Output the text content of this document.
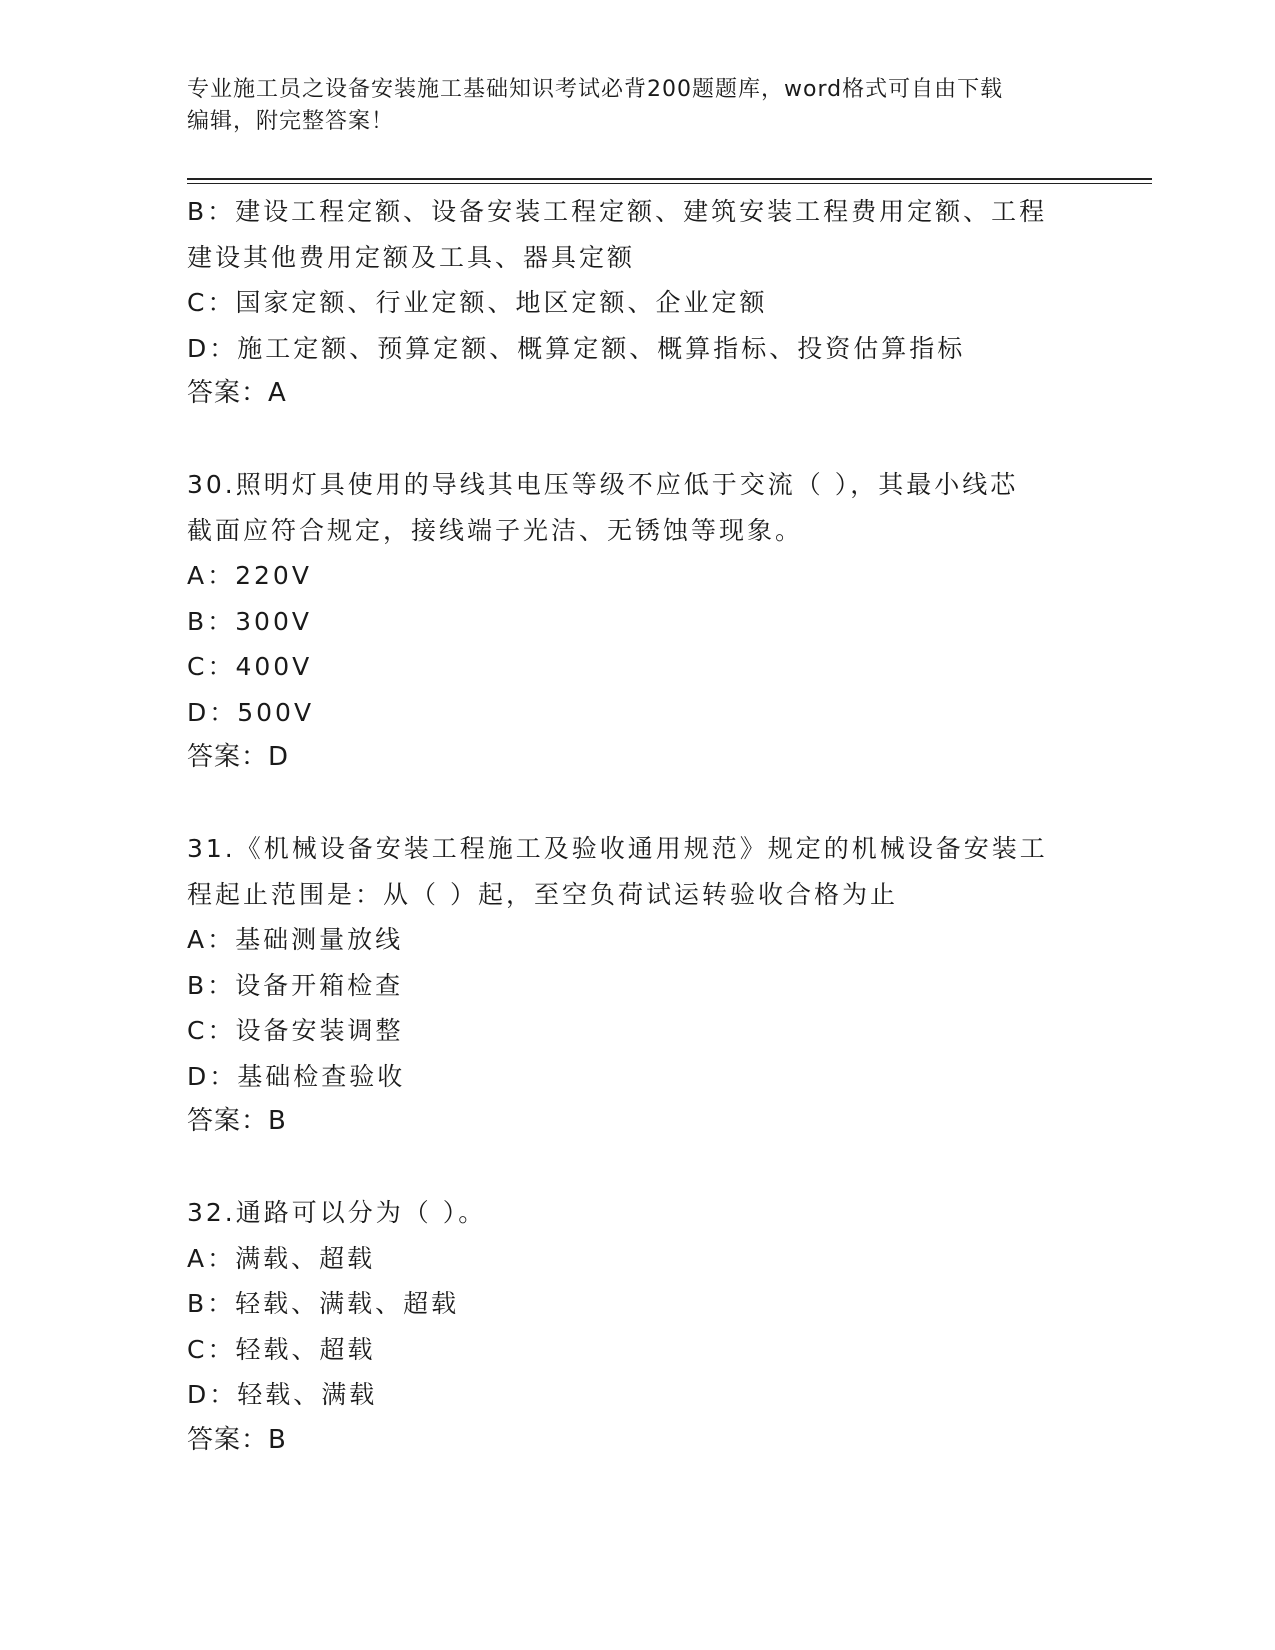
专业施工员之设备安装施工基础知识考试必背200题题库，word格式可自由下载
编辑，附完整答案！
B：建设工程定额、设备安装工程定额、建筑安装工程费用定额、工程
建设其他费用定额及工具、器具定额
C：国家定额、行业定额、地区定额、企业定额
D：施工定额、预算定额、概算定额、概算指标、投资估算指标
答案：A
30.照明灯具使用的导线其电压等级不应低于交流（ ），其最小线芯
截面应符合规定，接线端子光洁、无锈蚀等现象。
A：220V
B：300V
C：400V
D：500V
答案：D
31.《机械设备安装工程施工及验收通用规范》规定的机械设备安装工
程起止范围是：从（ ）起，至空负荷试运转验收合格为止
A：基础测量放线
B：设备开箱检查
C：设备安装调整
D：基础检查验收
答案：B
32.通路可以分为（ ）。
A：满载、超载
B：轻载、满载、超载
C：轻载、超载
D：轻载、满载
答案：B
